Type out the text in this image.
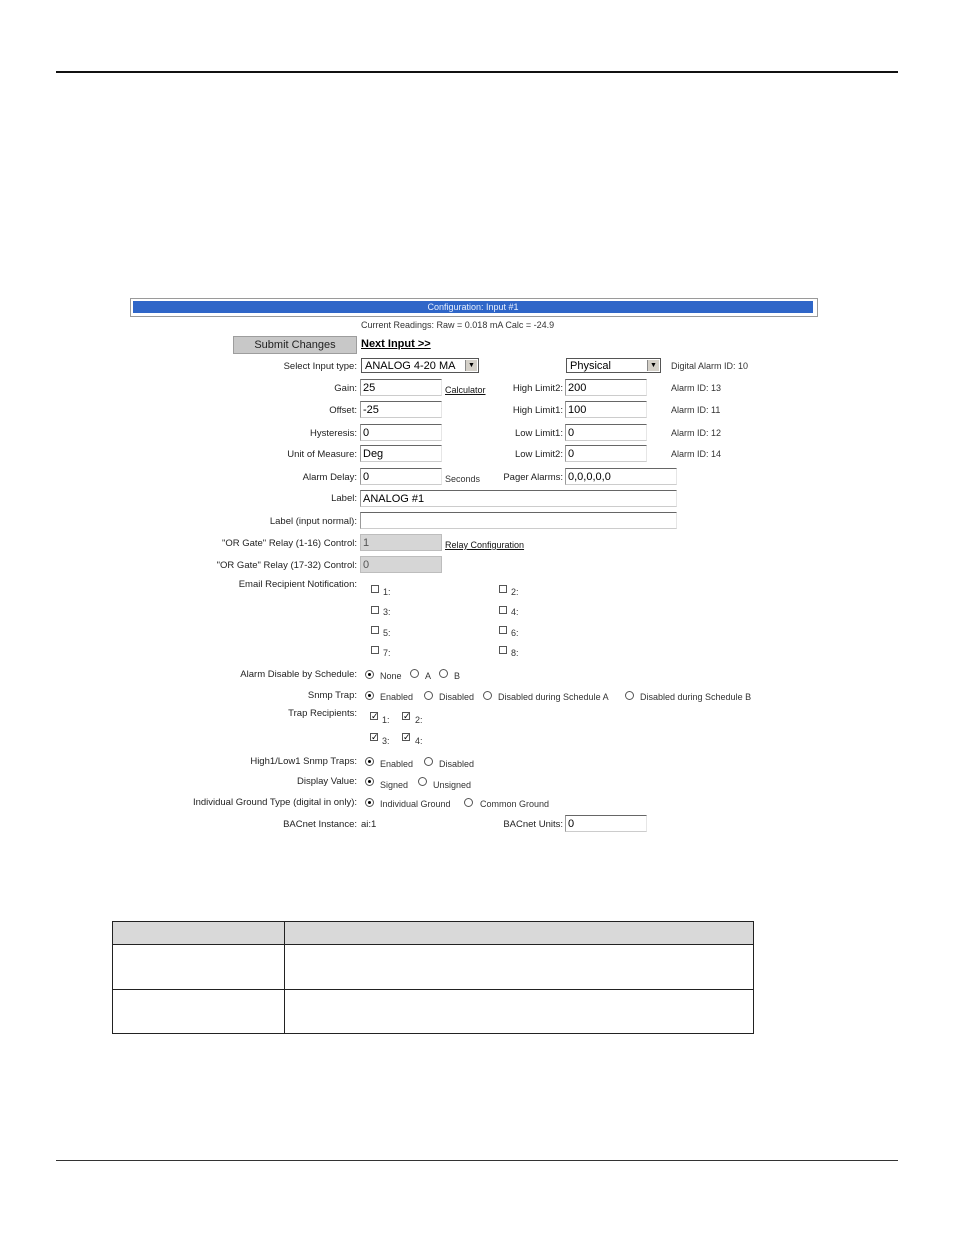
Configuration: Input #1
Current Readings: Raw = 0.018 mA Calc = -24.9
Submit Changes	Next Input >>
Select Input type: ANALOG 4-20 MA	▼	Physical	▼ Digital Alarm ID: 10
Gain: 25	Calculator
Offset: -25
Hysteresis: 0
Unit of Measure: Deg
Alarm Delay: 0	Seconds
High Limit2: 200	Alarm ID: 13
High Limit1: 100	Alarm ID: 11
Low Limit1: 0	Alarm ID: 12
Low Limit2: 0	Alarm ID: 14
Pager Alarms: 0,0,0,0,0
Label: ANALOG #1
Label (input normal):
"OR Gate" Relay (1-16) Control: 1	Relay Configuration
"OR Gate" Relay (17-32) Control: 0
Email Recipient Notification:
1:	2:
3:	4:
5:	6:
7:	8:
Alarm Disable by Schedule:	None	A	B
Snmp Trap:	Enabled	Disabled	Disabled during Schedule A	Disabled during Schedule B
Trap Recipients: ✓ 1: ✓ 2:
✓ 3: ✓ 4:
High1/Low1 Snmp Traps:	Enabled	Disabled
Display Value:	Signed	Unsigned
Individual Ground Type (digital in only):	Individual Ground	Common Ground
BACnet Instance: ai:1	BACnet Units: 0
